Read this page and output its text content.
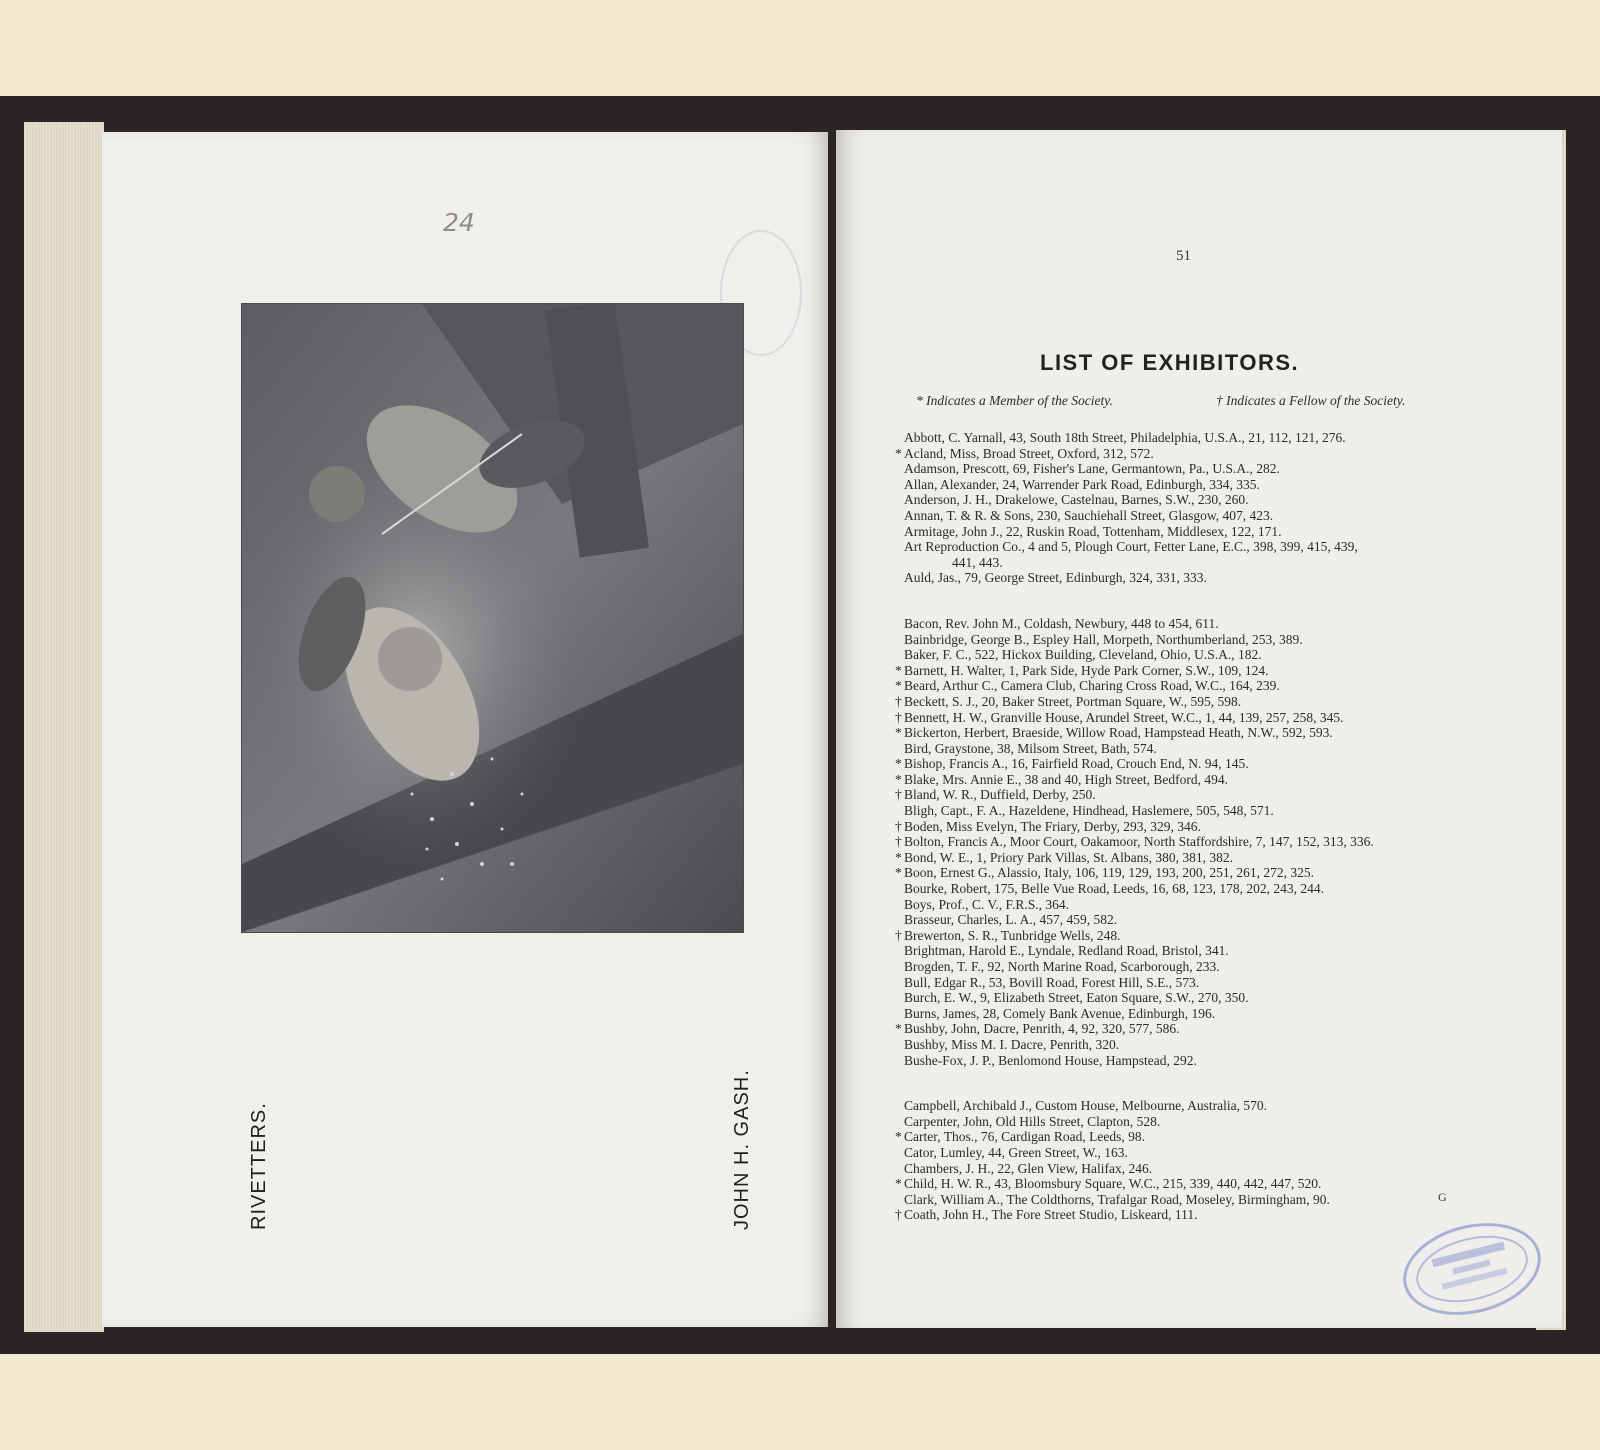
24
RIVETTERS.	JOHN H. GASH.
51
LIST OF EXHIBITORS.
* Indicates a Member of the Society.	† Indicates a Fellow of the Society.
Abbott, C. Yarnall, 43, South 18th Street, Philadelphia, U.S.A., 21, 112, 121, 276.
* Acland, Miss, Broad Street, Oxford, 312, 572.
Adamson, Prescott, 69, Fisher's Lane, Germantown, Pa., U.S.A., 282.
Allan, Alexander, 24, Warrender Park Road, Edinburgh, 334, 335.
Anderson, J. H., Drakelowe, Castelnau, Barnes, S.W., 230, 260.
Annan, T. & R. & Sons, 230, Sauchiehall Street, Glasgow, 407, 423.
Armitage, John J., 22, Ruskin Road, Tottenham, Middlesex, 122, 171.
Art Reproduction Co., 4 and 5, Plough Court, Fetter Lane, E.C., 398, 399, 415, 439,
441, 443.
Auld, Jas., 79, George Street, Edinburgh, 324, 331, 333.
Bacon, Rev. John M., Coldash, Newbury, 448 to 454, 611.
Bainbridge, George B., Espley Hall, Morpeth, Northumberland, 253, 389.
Baker, F. C., 522, Hickox Building, Cleveland, Ohio, U.S.A., 182.
* Barnett, H. Walter, 1, Park Side, Hyde Park Corner, S.W., 109, 124.
* Beard, Arthur C., Camera Club, Charing Cross Road, W.C., 164, 239.
† Beckett, S. J., 20, Baker Street, Portman Square, W., 595, 598.
† Bennett, H. W., Granville House, Arundel Street, W.C., 1, 44, 139, 257, 258, 345.
* Bickerton, Herbert, Braeside, Willow Road, Hampstead Heath, N.W., 592, 593.
Bird, Graystone, 38, Milsom Street, Bath, 574.
* Bishop, Francis A., 16, Fairfield Road, Crouch End, N. 94, 145.
* Blake, Mrs. Annie E., 38 and 40, High Street, Bedford, 494.
† Bland, W. R., Duffield, Derby, 250.
Bligh, Capt., F. A., Hazeldene, Hindhead, Haslemere, 505, 548, 571.
† Boden, Miss Evelyn, The Friary, Derby, 293, 329, 346.
† Bolton, Francis A., Moor Court, Oakamoor, North Staffordshire, 7, 147, 152, 313, 336.
* Bond, W. E., 1, Priory Park Villas, St. Albans, 380, 381, 382.
* Boon, Ernest G., Alassio, Italy, 106, 119, 129, 193, 200, 251, 261, 272, 325.
Bourke, Robert, 175, Belle Vue Road, Leeds, 16, 68, 123, 178, 202, 243, 244.
Boys, Prof., C. V., F.R.S., 364.
Brasseur, Charles, L. A., 457, 459, 582.
† Brewerton, S. R., Tunbridge Wells, 248.
Brightman, Harold E., Lyndale, Redland Road, Bristol, 341.
Brogden, T. F., 92, North Marine Road, Scarborough, 233.
Bull, Edgar R., 53, Bovill Road, Forest Hill, S.E., 573.
Burch, E. W., 9, Elizabeth Street, Eaton Square, S.W., 270, 350.
Burns, James, 28, Comely Bank Avenue, Edinburgh, 196.
* Bushby, John, Dacre, Penrith, 4, 92, 320, 577, 586.
Bushby, Miss M. I. Dacre, Penrith, 320.
Bushe-Fox, J. P., Benlomond House, Hampstead, 292.
Campbell, Archibald J., Custom House, Melbourne, Australia, 570.
Carpenter, John, Old Hills Street, Clapton, 528.
* Carter, Thos., 76, Cardigan Road, Leeds, 98.
Cator, Lumley, 44, Green Street, W., 163.
Chambers, J. H., 22, Glen View, Halifax, 246.
* Child, H. W. R., 43, Bloomsbury Square, W.C., 215, 339, 440, 442, 447, 520.
Clark, William A., The Coldthorns, Trafalgar Road, Moseley, Birmingham, 90.
† Coath, John H., The Fore Street Studio, Liskeard, 111.
G
